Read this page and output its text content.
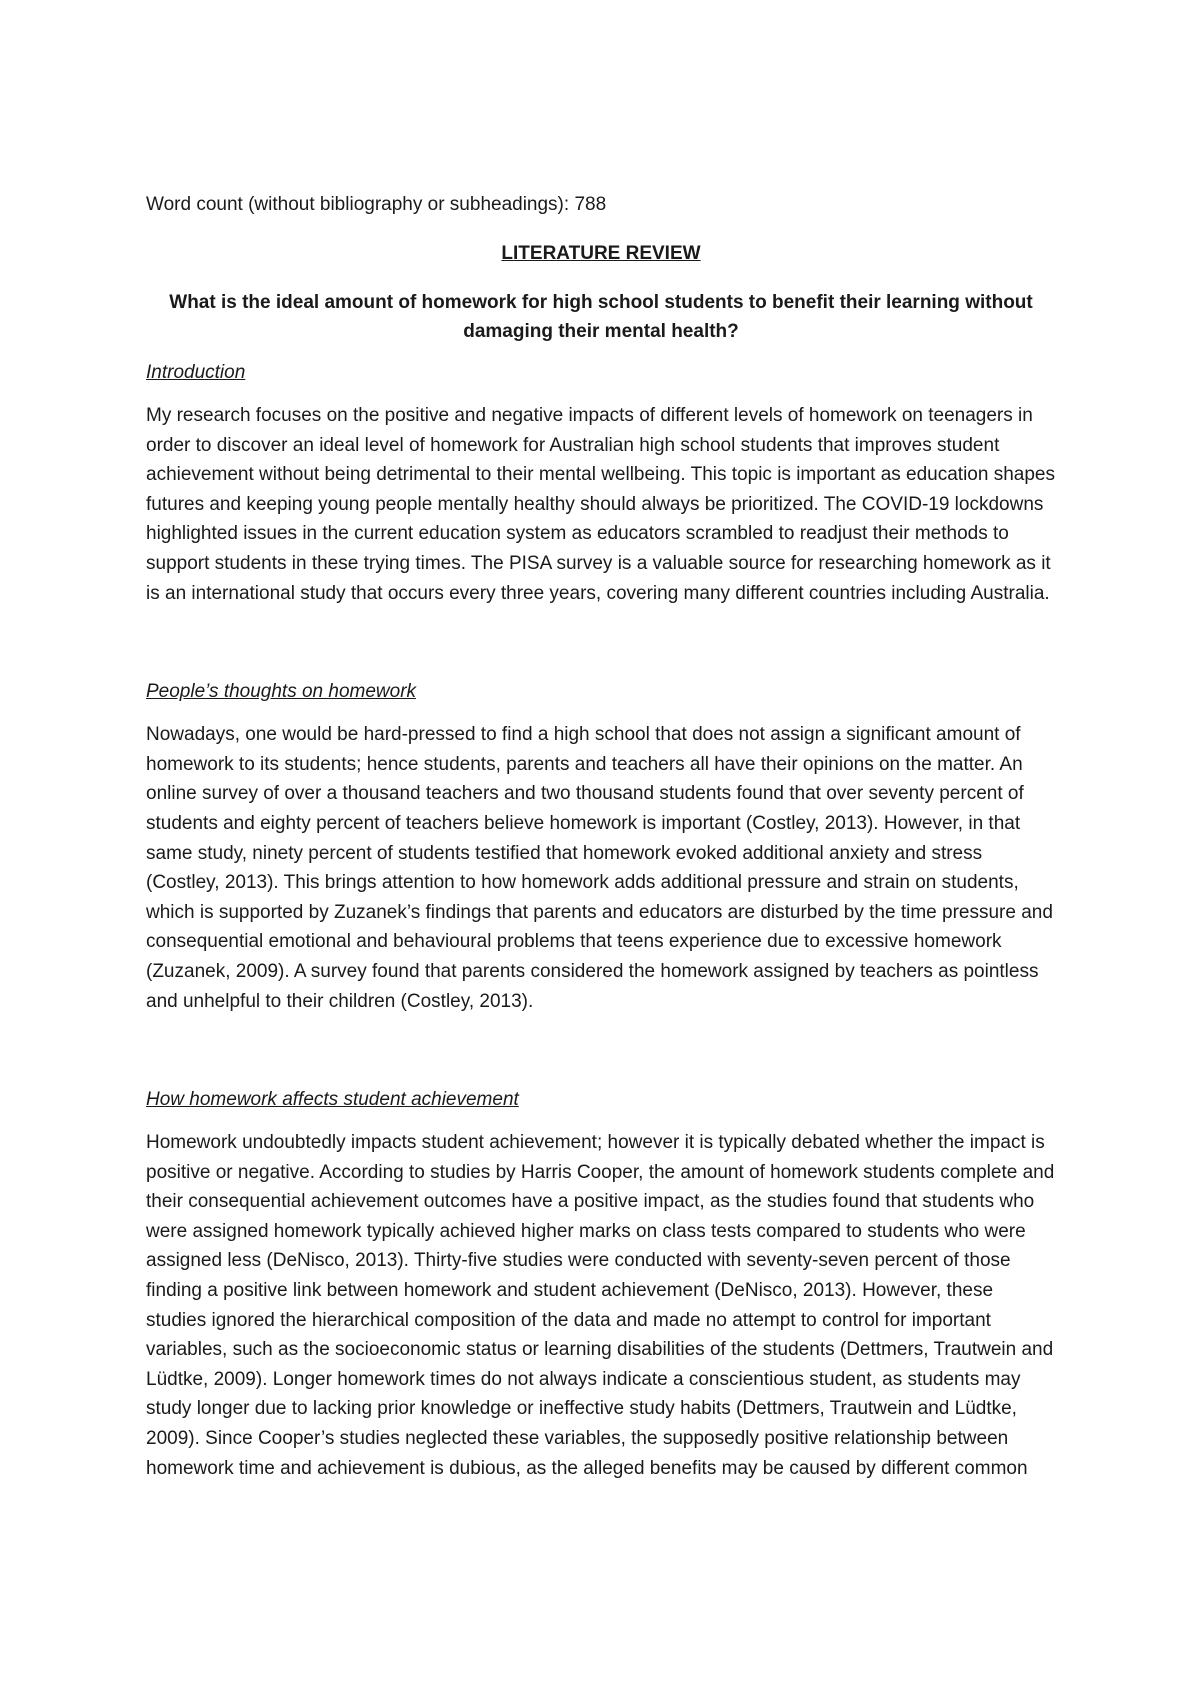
Word count (without bibliography or subheadings): 788

LITERATURE REVIEW

What is the ideal amount of homework for high school students to benefit their learning without damaging their mental health?

Introduction

My research focuses on the positive and negative impacts of different levels of homework on teenagers in order to discover an ideal level of homework for Australian high school students that improves student achievement without being detrimental to their mental wellbeing. This topic is important as education shapes futures and keeping young people mentally healthy should always be prioritized. The COVID-19 lockdowns highlighted issues in the current education system as educators scrambled to readjust their methods to support students in these trying times. The PISA survey is a valuable source for researching homework as it is an international study that occurs every three years, covering many different countries including Australia.

People’s thoughts on homework

Nowadays, one would be hard-pressed to find a high school that does not assign a significant amount of homework to its students; hence students, parents and teachers all have their opinions on the matter. An online survey of over a thousand teachers and two thousand students found that over seventy percent of students and eighty percent of teachers believe homework is important (Costley, 2013). However, in that same study, ninety percent of students testified that homework evoked additional anxiety and stress (Costley, 2013). This brings attention to how homework adds additional pressure and strain on students, which is supported by Zuzanek’s findings that parents and educators are disturbed by the time pressure and consequential emotional and behavioural problems that teens experience due to excessive homework (Zuzanek, 2009). A survey found that parents considered the homework assigned by teachers as pointless and unhelpful to their children (Costley, 2013).

How homework affects student achievement

Homework undoubtedly impacts student achievement; however it is typically debated whether the impact is positive or negative. According to studies by Harris Cooper, the amount of homework students complete and their consequential achievement outcomes have a positive impact, as the studies found that students who were assigned homework typically achieved higher marks on class tests compared to students who were assigned less (DeNisco, 2013). Thirty-five studies were conducted with seventy-seven percent of those finding a positive link between homework and student achievement (DeNisco, 2013). However, these studies ignored the hierarchical composition of the data and made no attempt to control for important variables, such as the socioeconomic status or learning disabilities of the students (Dettmers, Trautwein and Lüdtke, 2009). Longer homework times do not always indicate a conscientious student, as students may study longer due to lacking prior knowledge or ineffective study habits (Dettmers, Trautwein and Lüdtke, 2009). Since Cooper’s studies neglected these variables, the supposedly positive relationship between homework time and achievement is dubious, as the alleged benefits may be caused by different common
